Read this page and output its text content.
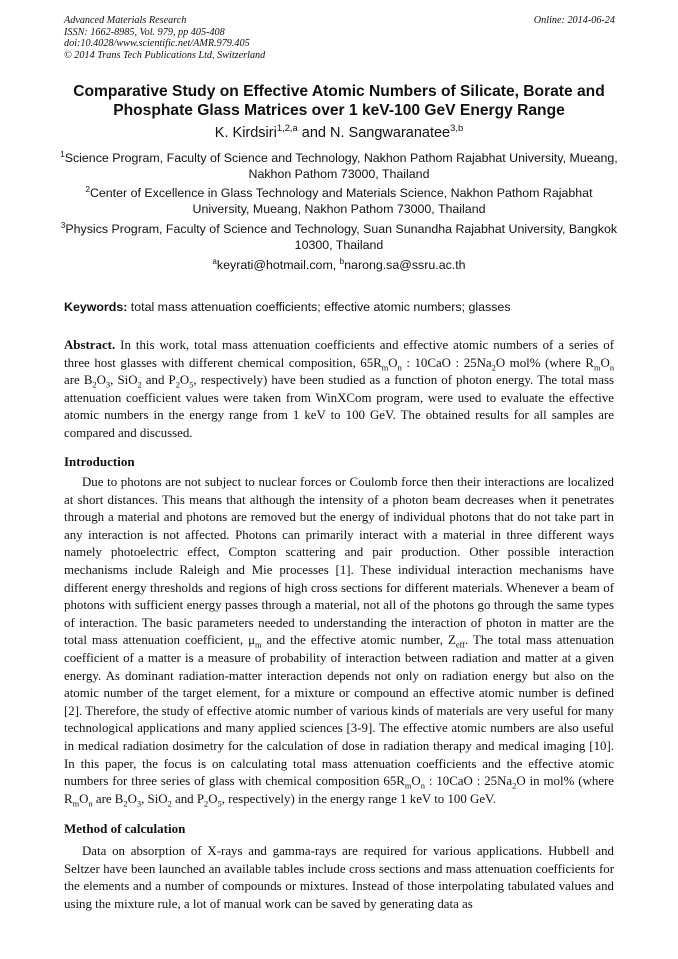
Advanced Materials Research
ISSN: 1662-8985, Vol. 979, pp 405-408
doi:10.4028/www.scientific.net/AMR.979.405
© 2014 Trans Tech Publications Ltd, Switzerland
Online: 2014-06-24
Comparative Study on Effective Atomic Numbers of Silicate, Borate and Phosphate Glass Matrices over 1 keV-100 GeV Energy Range
K. Kirdsiri$^{1,2,a}$ and N. Sangwaranatee$^{3,b}$
$^1$Science Program, Faculty of Science and Technology, Nakhon Pathom Rajabhat University, Mueang, Nakhon Pathom 73000, Thailand
$^2$Center of Excellence in Glass Technology and Materials Science, Nakhon Pathom Rajabhat University, Mueang, Nakhon Pathom 73000, Thailand
$^3$Physics Program, Faculty of Science and Technology, Suan Sunandha Rajabhat University, Bangkok 10300, Thailand
$^a$keyrati@hotmail.com, $^b$narong.sa@ssru.ac.th
Keywords: total mass attenuation coefficients; effective atomic numbers; glasses
Abstract. In this work, total mass attenuation coefficients and effective atomic numbers of a series of three host glasses with different chemical composition, $65R_mO_n$ : 10CaO : $25Na_2O$ mol% (where $R_mO_n$ are $B_2O_3$, SiO$_2$ and $P_2O_5$, respectively) have been studied as a function of photon energy. The total mass attenuation coefficient values were taken from WinXCom program, were used to evaluate the effective atomic numbers in the energy range from 1 keV to 100 GeV. The obtained results for all samples are compared and discussed.
Introduction
Due to photons are not subject to nuclear forces or Coulomb force then their interactions are localized at short distances. This means that although the intensity of a photon beam decreases when it penetrates through a material and photons are removed but the energy of individual photons that do not take part in any interaction is not affected. Photons can primarily interact with a material in three different ways namely photoelectric effect, Compton scattering and pair production. Other possible interaction mechanisms include Raleigh and Mie processes [1]. These individual interaction mechanisms have different energy thresholds and regions of high cross sections for different materials. Whenever a beam of photons with sufficient energy passes through a material, not all of the photons go through the same types of interaction. The basic parameters needed to understanding the interaction of photon in matter are the total mass attenuation coefficient, $\mu_m$ and the effective atomic number, $Z_{eff}$. The total mass attenuation coefficient of a matter is a measure of probability of interaction between radiation and matter at a given energy. As dominant radiation-matter interaction depends not only on radiation energy but also on the atomic number of the target element, for a mixture or compound an effective atomic number is defined [2]. Therefore, the study of effective atomic number of various kinds of materials are very useful for many technological applications and many applied sciences [3-9]. The effective atomic numbers are also useful in medical radiation dosimetry for the calculation of dose in radiation therapy and medical imaging [10]. In this paper, the focus is on calculating total mass attenuation coefficients and the effective atomic numbers for three series of glass with chemical composition $65R_mO_n$ : 10CaO : $25Na_2O$ in mol% (where $R_mO_n$ are $B_2O_3$, SiO$_2$ and $P_2O_5$, respectively) in the energy range 1 keV to 100 GeV.
Method of calculation
Data on absorption of X-rays and gamma-rays are required for various applications. Hubbell and Seltzer have been launched an available tables include cross sections and mass attenuation coefficients for the elements and a number of compounds or mixtures. Instead of those interpolating tabulated values and using the mixture rule, a lot of manual work can be saved by generating data as
